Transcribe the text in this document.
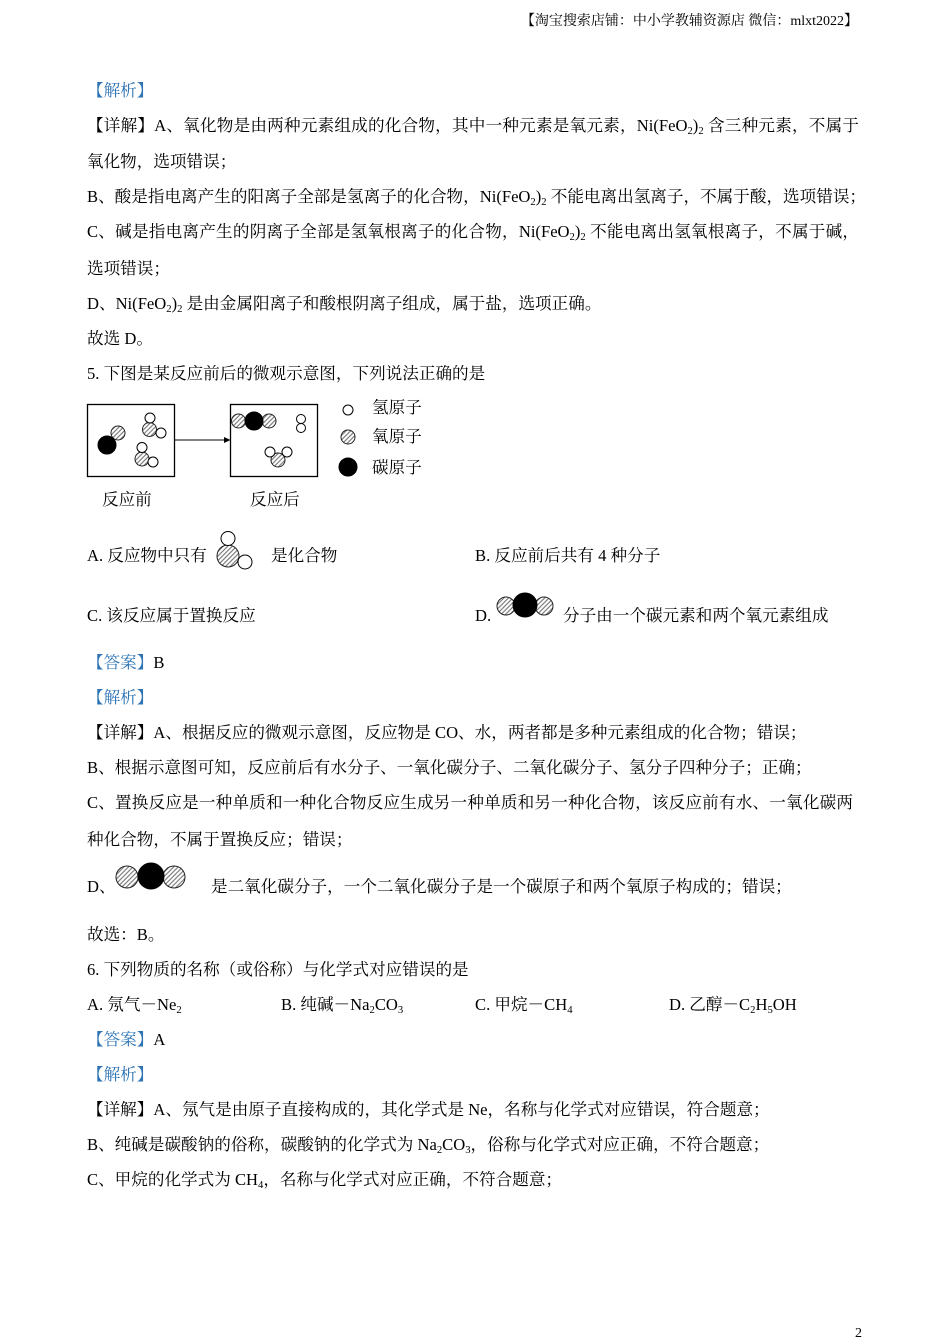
【淘宝搜索店铺：中小学教辅资源店 微信：mlxt2022】
【解析】
【详解】A、氧化物是由两种元素组成的化合物，其中一种元素是氧元素，$Ni(FeO_2)_2$ 含三种元素，不属于
氧化物，选项错误；
B、酸是指电离产生的阳离子全部是氢离子的化合物，$Ni(FeO_2)_2$ 不能电离出氢离子，不属于酸，选项错误；
C、碱是指电离产生的阴离子全部是氢氧根离子的化合物，$Ni(FeO_2)_2$ 不能电离出氢氧根离子，不属于碱，
选项错误；
D、$Ni(FeO_2)_2$ 是由金属阳离子和酸根阴离子组成，属于盐，选项正确。
故选 D。
5. 下图是某反应前后的微观示意图，下列说法正确的是
氢原子
氧原子
碳原子
反应前	反应后
A. 反应物中只有	是化合物	B. 反应前后共有 4 种分子
C. 该反应属于置换反应	D.	分子由一个碳元素和两个氧元素组成
【答案】B
【解析】
【详解】A、根据反应的微观示意图，反应物是 CO、水，两者都是多种元素组成的化合物；错误；
B、根据示意图可知，反应前后有水分子、一氧化碳分子、二氧化碳分子、氢分子四种分子；正确；
C、置换反应是一种单质和一种化合物反应生成另一种单质和另一种化合物，该反应前有水、一氧化碳两
种化合物，不属于置换反应；错误；
D、	是二氧化碳分子，一个二氧化碳分子是一个碳原子和两个氧原子构成的；错误；
故选：B。
6. 下列物质的名称（或俗称）与化学式对应错误的是
A. 氖气$-Ne_2$	B. 纯碱$-Na_2CO_3$	C. 甲烷$-CH_4$	D. 乙醇$-C_2H_5OH$
【答案】A
【解析】
【详解】A、氖气是由原子直接构成的，其化学式是 Ne，名称与化学式对应错误，符合题意；
B、纯碱是碳酸钠的俗称，碳酸钠的化学式为 $Na_2CO_3$，俗称与化学式对应正确，不符合题意；
C、甲烷的化学式为 $CH_4$，名称与化学式对应正确，不符合题意；
2
